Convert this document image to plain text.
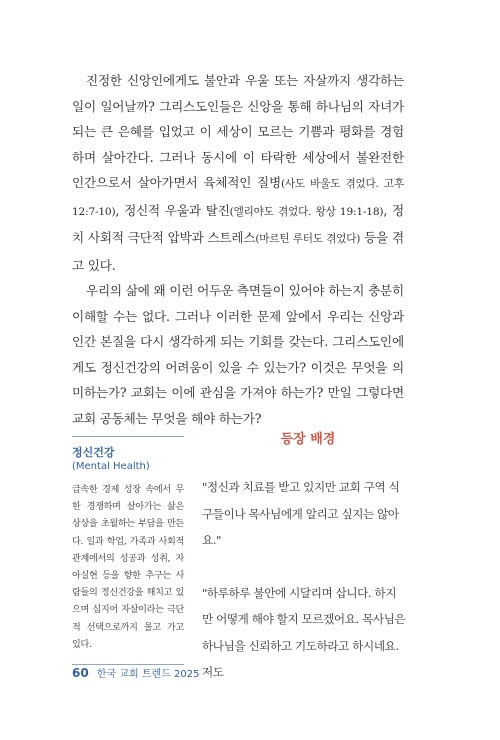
진정한 신앙인에게도 불안과 우울 또는 자살까지 생각하는 일이 일어날까? 그리스도인들은 신앙을 통해 하나님의 자녀가 되는 큰 은혜를 입었고 이 세상이 모르는 기쁨과 평화를 경험하며 살아간다. 그러나 동시에 이 타락한 세상에서 불완전한 인간으로서 살아가면서 육체적인 질병(사도 바울도 겪었다. 고후 12:7-10), 정신적 우울과 탈진(엘리야도 겪었다. 왕상 19:1-18), 정치 사회적 극단적 압박과 스트레스(마르틴 루터도 겪었다) 등을 겪고 있다.

우리의 삶에 왜 이런 어두운 측면들이 있어야 하는지 충분히 이해할 수는 없다. 그러나 이러한 문제 앞에서 우리는 신앙과 인간 본질을 다시 생각하게 되는 기회를 갖는다. 그리스도인에게도 정신건강의 어려움이 있을 수 있는가? 이것은 무엇을 의미하는가? 교회는 이에 관심을 가져야 하는가? 만일 그렇다면 교회 공동체는 무엇을 해야 하는가?

정신건강
(Mental Health)
급속한 경제 성장 속에서 무한 경쟁하며 살아가는 삶은 상상을 초월하는 부담을 만든다. 일과 학업, 가족과 사회적 관계에서의 성공과 성취, 자아실현 등을 향한 추구는 사람들의 정신건강을 해치고 있으며 심지어 자살이라는 극단적 선택으로까지 몰고 가고 있다.
등장 배경

"정신과 치료를 받고 있지만 교회 구역 식구들이나 목사님에게 알리고 싶지는 않아요."

"하루하루 불안에 시달리며 삽니다. 하지만 어떻게 해야 할지 모르겠어요. 목사님은 하나님을 신뢰하고 기도하라고 하시네요. 저도

60 한국 교회 트렌드 2025
